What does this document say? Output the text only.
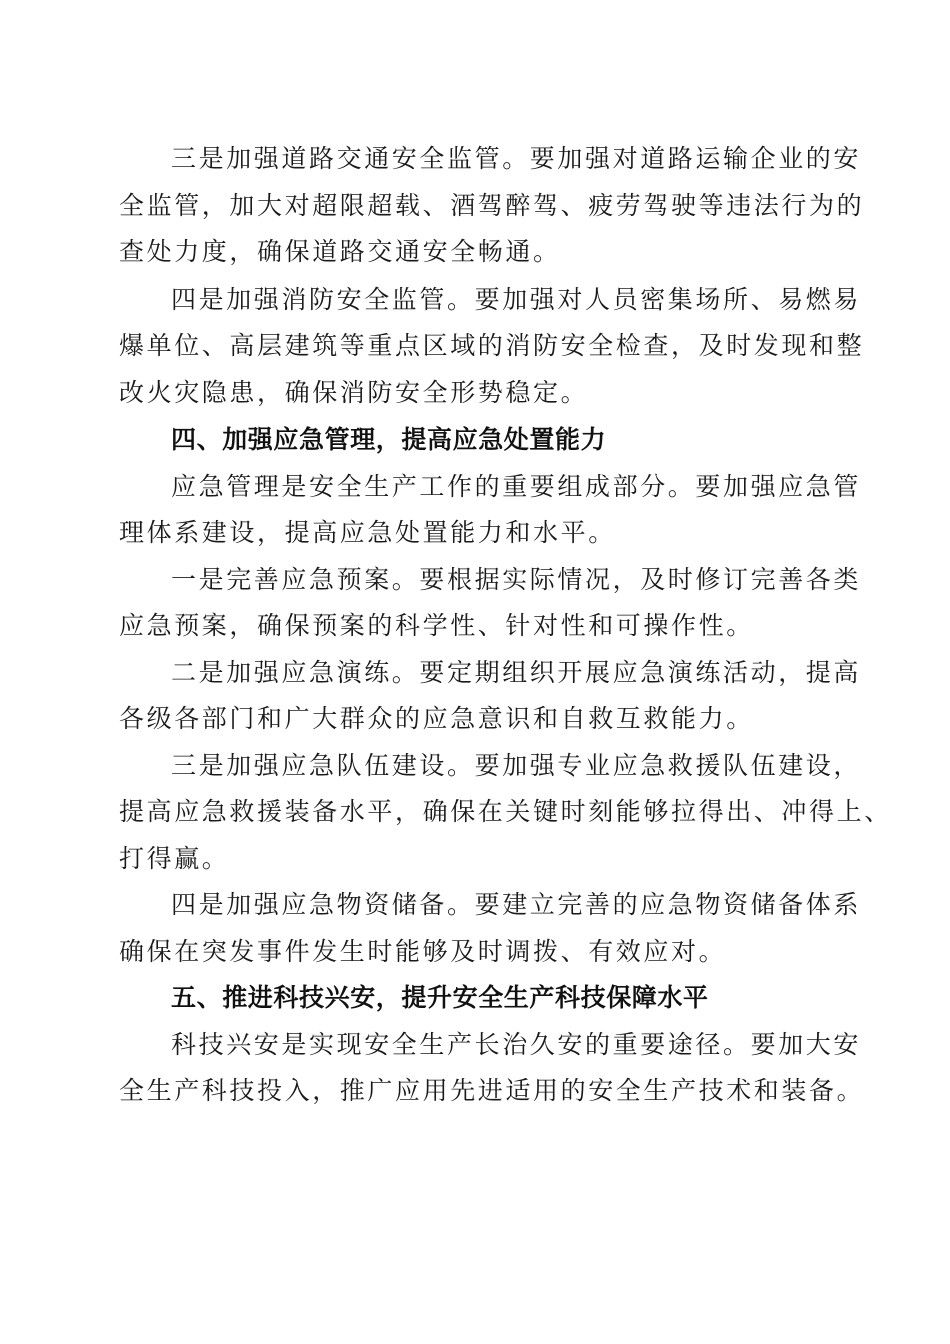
三是加强道路交通安全监管。要加强对道路运输企业的安
全监管，加大对超限超载、酒驾醉驾、疲劳驾驶等违法行为的
查处力度，确保道路交通安全畅通。
四是加强消防安全监管。要加强对人员密集场所、易燃易
爆单位、高层建筑等重点区域的消防安全检查，及时发现和整
改火灾隐患，确保消防安全形势稳定。
四、加强应急管理，提高应急处置能力
应急管理是安全生产工作的重要组成部分。要加强应急管
理体系建设，提高应急处置能力和水平。
一是完善应急预案。要根据实际情况，及时修订完善各类
应急预案，确保预案的科学性、针对性和可操作性。
二是加强应急演练。要定期组织开展应急演练活动，提高
各级各部门和广大群众的应急意识和自救互救能力。
三是加强应急队伍建设。要加强专业应急救援队伍建设，
提高应急救援装备水平，确保在关键时刻能够拉得出、冲得上、
打得赢。
四是加强应急物资储备。要建立完善的应急物资储备体系
确保在突发事件发生时能够及时调拨、有效应对。
五、推进科技兴安，提升安全生产科技保障水平
科技兴安是实现安全生产长治久安的重要途径。要加大安
全生产科技投入，推广应用先进适用的安全生产技术和装备。
